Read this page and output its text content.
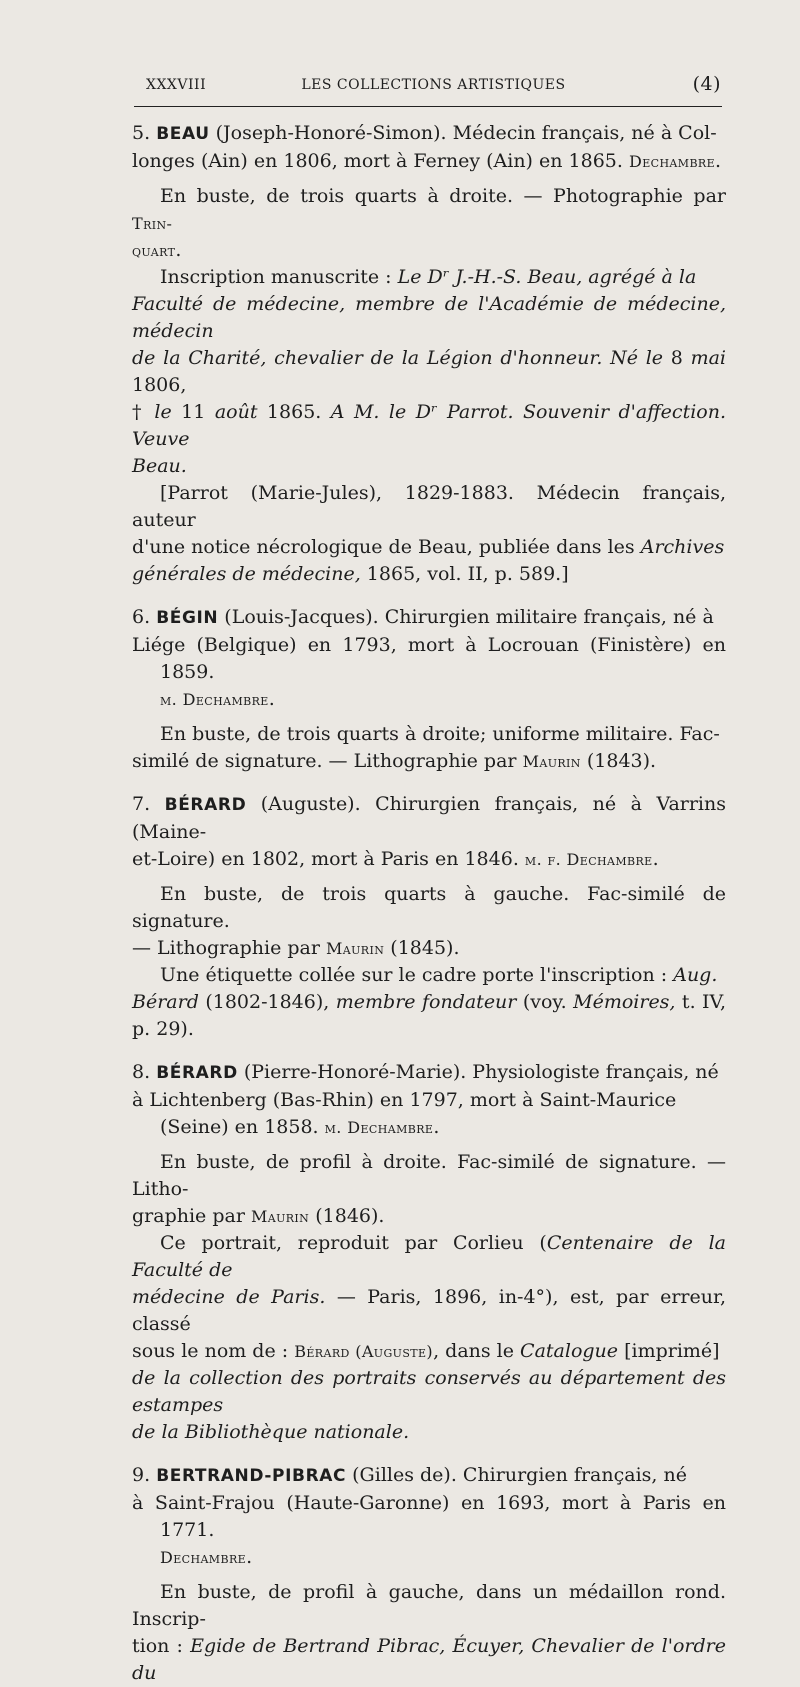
XXXVIII	LES COLLECTIONS ARTISTIQUES	(4)

5. BEAU (Joseph-Honoré-Simon). Médecin français, né à Col-

longes (Ain) en 1806, mort à Ferney (Ain) en 1865. Dechambre.

En buste, de trois quarts à droite. — Photographie par Trin-
quart.

Inscription manuscrite : Le Dʳ J.-H.-S. Beau, agrégé à la
Faculté de médecine, membre de l'Académie de médecine, médecin
de la Charité, chevalier de la Légion d'honneur. Né le 8 mai 1806,
† le 11 août 1865. A M. le Dʳ Parrot. Souvenir d'affection. Veuve
Beau.

[Parrot (Marie-Jules), 1829-1883. Médecin français, auteur
d'une notice nécrologique de Beau, publiée dans les Archives
générales de médecine, 1865, vol. II, p. 589.]

6. BÉGIN (Louis-Jacques). Chirurgien militaire français, né à

Liége (Belgique) en 1793, mort à Locrouan (Finistère) en 1859.
m. Dechambre.

En buste, de trois quarts à droite; uniforme militaire. Fac-
similé de signature. — Lithographie par Maurin (1843).

7. BÉRARD (Auguste). Chirurgien français, né à Varrins (Maine-

et-Loire) en 1802, mort à Paris en 1846. m. f. Dechambre.

En buste, de trois quarts à gauche. Fac-similé de signature.
— Lithographie par Maurin (1845).

Une étiquette collée sur le cadre porte l'inscription : Aug.
Bérard (1802-1846), membre fondateur (voy. Mémoires, t. IV, p. 29).

8. BÉRARD (Pierre-Honoré-Marie). Physiologiste français, né

à Lichtenberg (Bas-Rhin) en 1797, mort à Saint-Maurice
(Seine) en 1858. m. Dechambre.

En buste, de profil à droite. Fac-similé de signature. — Litho-
graphie par Maurin (1846).

Ce portrait, reproduit par Corlieu (Centenaire de la Faculté de
médecine de Paris. — Paris, 1896, in-4°), est, par erreur, classé
sous le nom de : Bérard (Auguste), dans le Catalogue [imprimé]
de la collection des portraits conservés au département des estampes
de la Bibliothèque nationale.

9. BERTRAND-PIBRAC (Gilles de). Chirurgien français, né

à Saint-Frajou (Haute-Garonne) en 1693, mort à Paris en 1771.
Dechambre.

En buste, de profil à gauche, dans un médaillon rond. Inscrip-
tion : Egide de Bertrand Pibrac, Écuyer, Chevalier de l'ordre du
